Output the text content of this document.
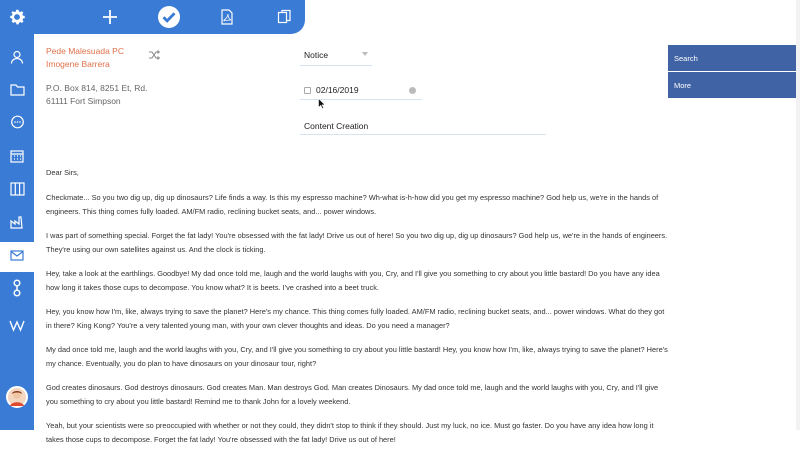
Pede Malesuada PC
Imogene Barrera
P.O. Box 814, 8251 Et, Rd.
61111 Fort Simpson
Notice
02/16/2019
Content Creation
Search
More

Dear Sirs,

Checkmate... So you two dig up, dig up dinosaurs? Life finds a way. Is this my espresso machine? Wh-what is-h-how did you get my espresso machine? God help us, we're in the hands of engineers. This thing comes fully loaded. AM/FM radio, reclining bucket seats, and... power windows.

I was part of something special. Forget the fat lady! You're obsessed with the fat lady! Drive us out of here! So you two dig up, dig up dinosaurs? God help us, we're in the hands of engineers. They're using our own satellites against us. And the clock is ticking.

Hey, take a look at the earthlings. Goodbye! My dad once told me, laugh and the world laughs with you, Cry, and I'll give you something to cry about you little bastard! Do you have any idea how long it takes those cups to decompose. You know what? It is beets. I've crashed into a beet truck.

Hey, you know how I'm, like, always trying to save the planet? Here's my chance. This thing comes fully loaded. AM/FM radio, reclining bucket seats, and... power windows. What do they got in there? King Kong? You're a very talented young man, with your own clever thoughts and ideas. Do you need a manager?

My dad once told me, laugh and the world laughs with you, Cry, and I'll give you something to cry about you little bastard! Hey, you know how I'm, like, always trying to save the planet? Here's my chance. Eventually, you do plan to have dinosaurs on your dinosaur tour, right?

God creates dinosaurs. God destroys dinosaurs. God creates Man. Man destroys God. Man creates Dinosaurs. My dad once told me, laugh and the world laughs with you, Cry, and I'll give you something to cry about you little bastard! Remind me to thank John for a lovely weekend.

Yeah, but your scientists were so preoccupied with whether or not they could, they didn't stop to think if they should. Just my luck, no ice. Must go faster. Do you have any idea how long it takes those cups to decompose. Forget the fat lady! You're obsessed with the fat lady! Drive us out of here!
